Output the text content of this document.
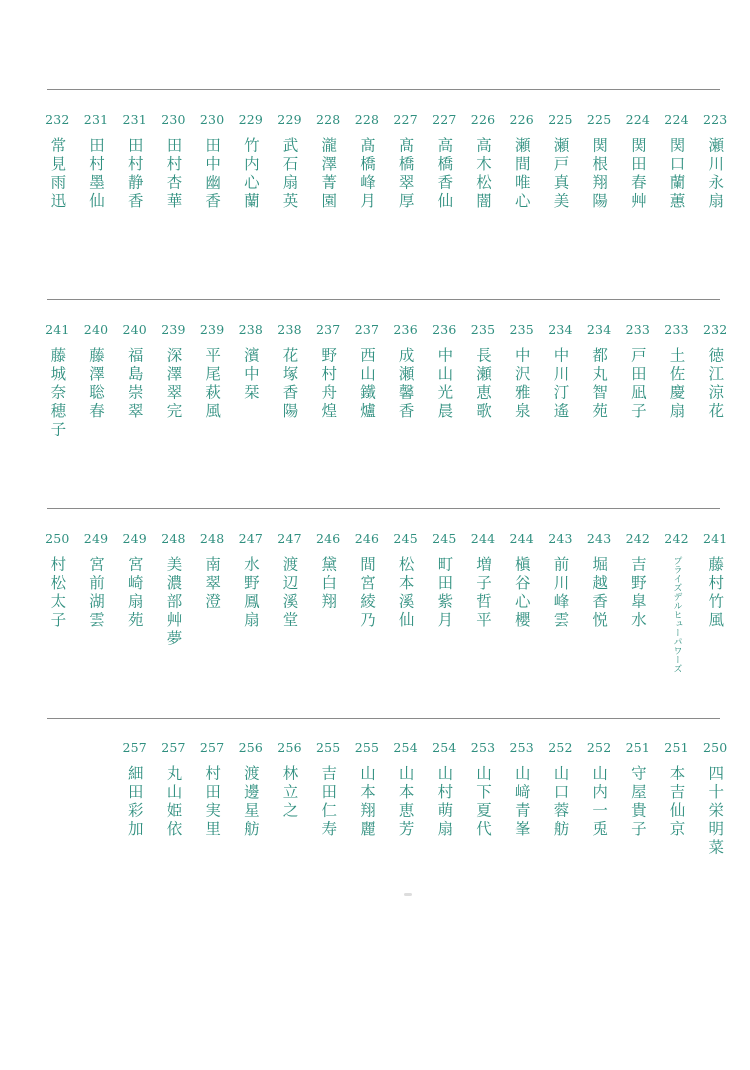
232
常見雨迅
231
田村墨仙
231
田村静香
230
田村杏華
230
田中幽香
229
竹内心蘭
229
武石扇英
228
瀧澤菁園
228
髙橋峰月
227
髙橋翠厚
227
高橋香仙
226
高木松闇
226
瀬間唯心
225
瀬戸真美
225
関根翔陽
224
関田春艸
224
関口蘭蕙
223
瀬川永扇
241
藤城奈穂子
240
藤澤聡春
240
福島崇翠
239
深澤翠完
239
平尾萩風
238
濱中栞
238
花塚香陽
237
野村舟煌
237
西山鐵爐
236
成瀬馨香
236
中山光晨
235
長瀬恵歌
235
中沢雅泉
234
中川汀遙
234
都丸智苑
233
戸田凪子
233
土佐慶扇
232
徳江涼花
250
村松太子
249
宮前湖雲
249
宮崎扇苑
248
美濃部艸夢
248
南翠澄
247
水野鳳扇
247
渡辺溪堂
246
黛白翔
246
間宮綾乃
245
松本溪仙
245
町田紫月
244
増子哲平
244
槇谷心櫻
243
前川峰雲
243
堀越香悦
242
吉野皐水
242
プライズデルヒューパワーズ
241
藤村竹風
257
細田彩加
257
丸山姫依
257
村田実里
256
渡邊星舫
256
林立之
255
吉田仁寿
255
山本翔麗
254
山本恵芳
254
山村萌扇
253
山下夏代
253
山﨑青峯
252
山口蓉舫
252
山内一兎
251
守屋貴子
251
本吉仙京
250
四十栄明菜
